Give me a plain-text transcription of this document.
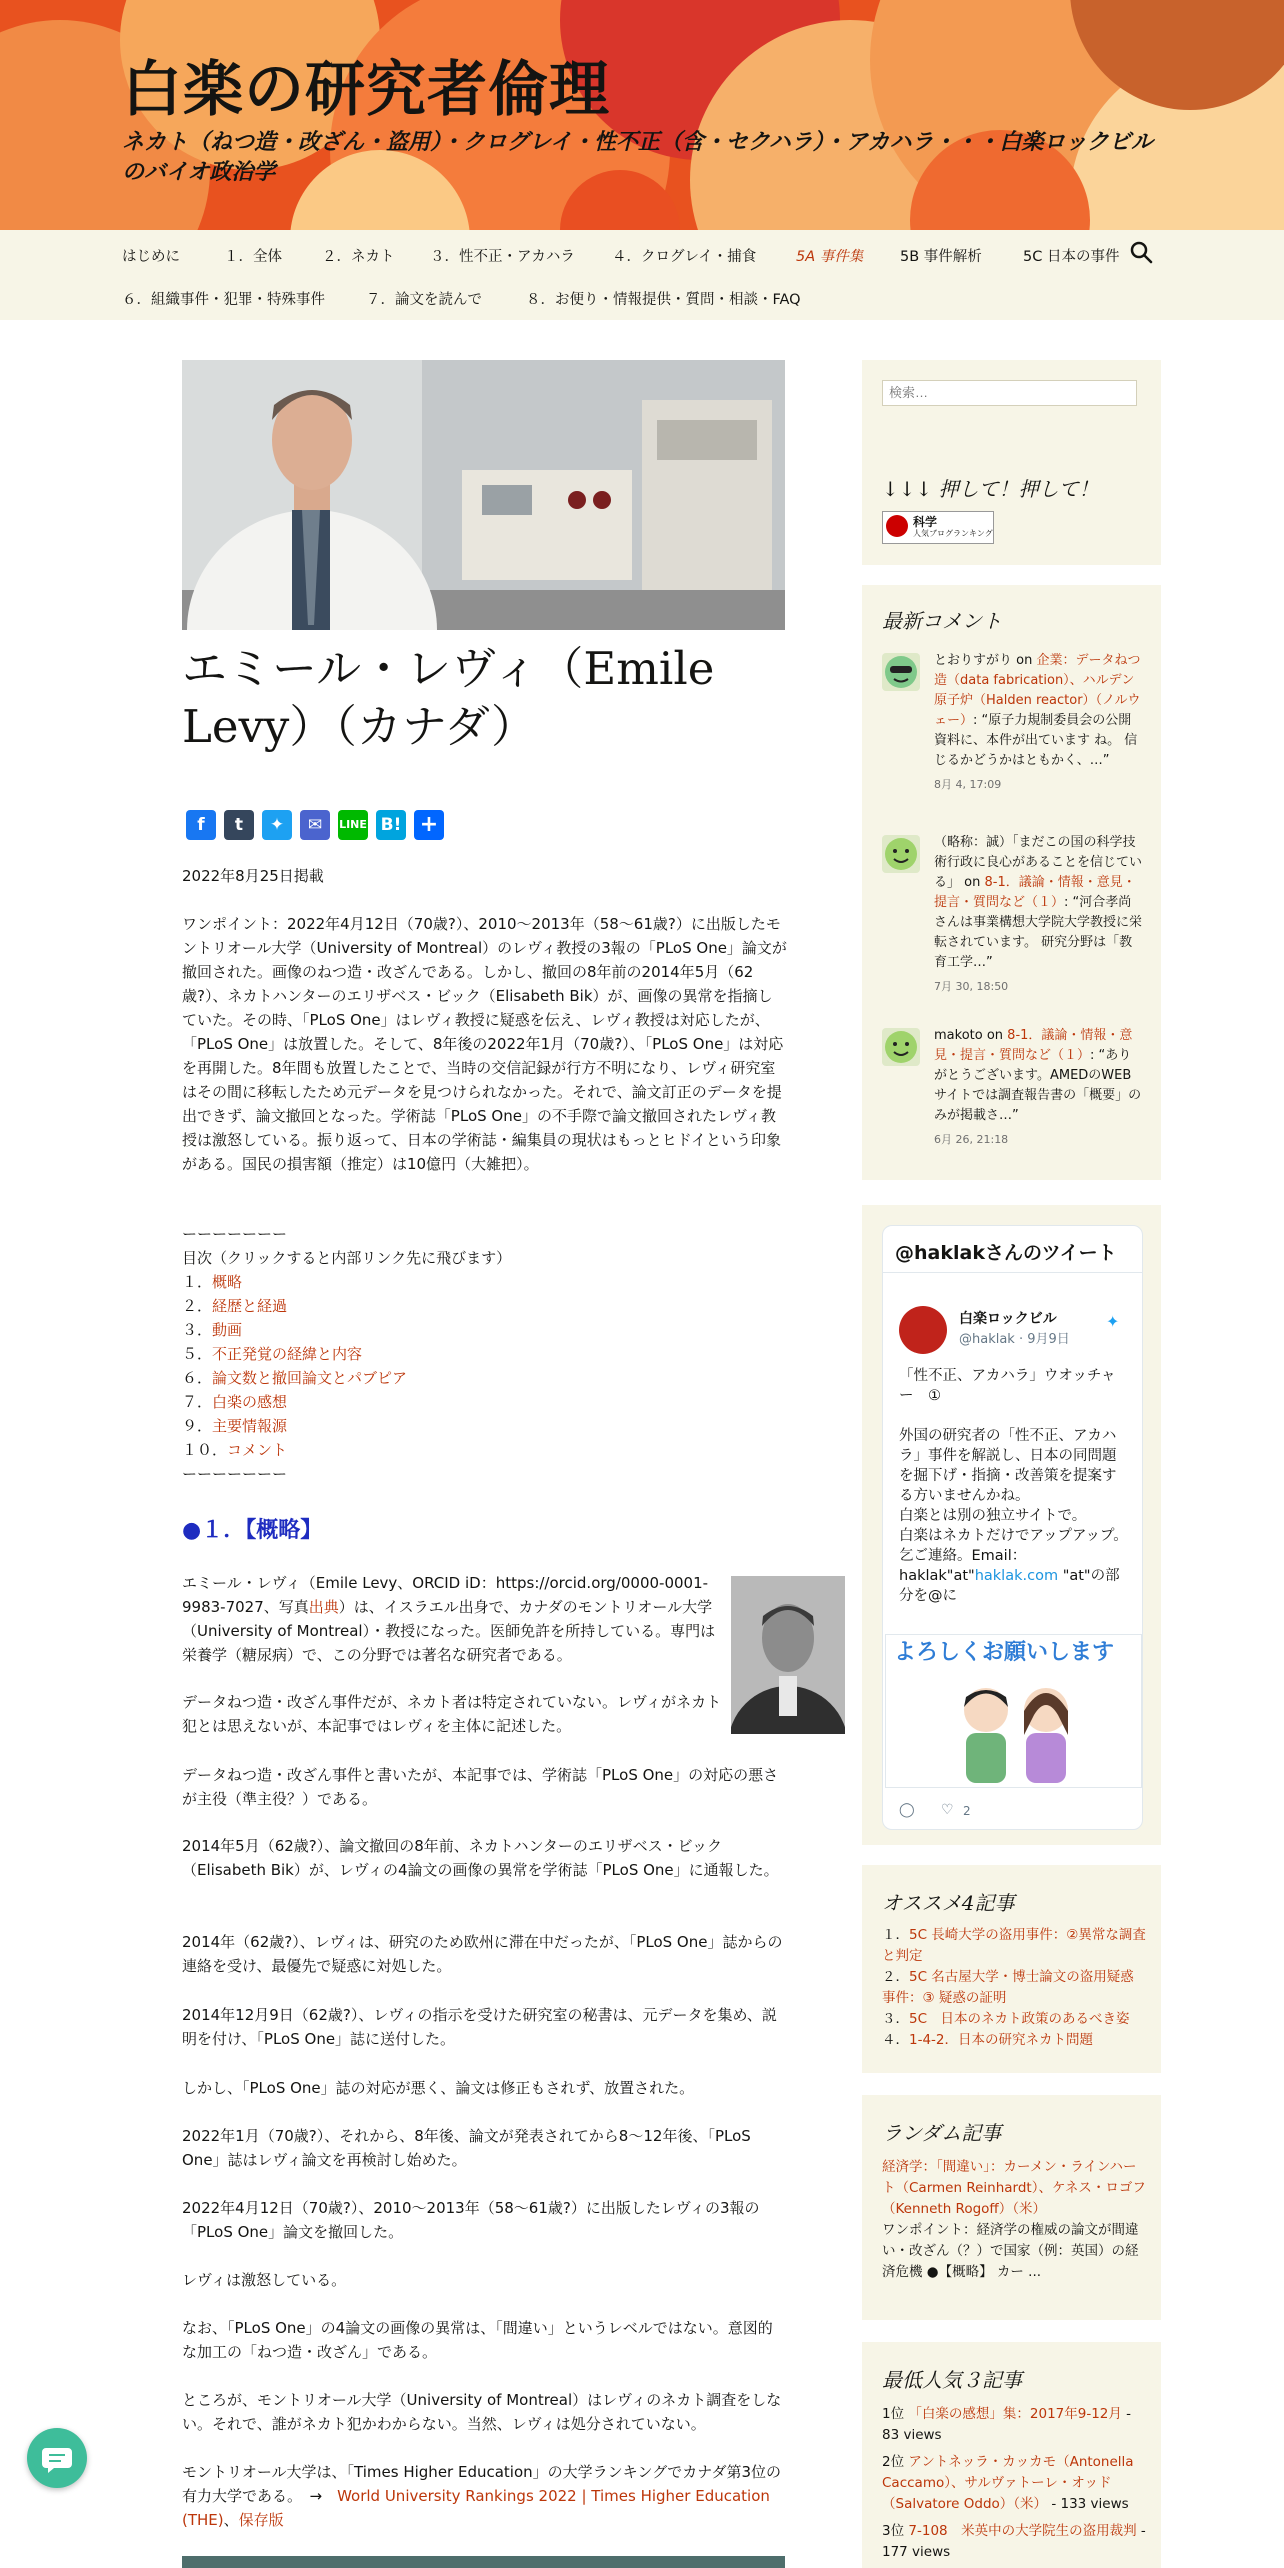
白楽の研究者倫理
ネカト（ねつ造・改ざん・盗用）・クログレイ・性不正（含・セクハラ）・アカハラ・・・白楽ロックビルのバイオ政治学
はじめに	１．全体	２．ネカト ３．性不正・アカハラ	４．クログレイ・捕食	5A 事件集	5B 事件解析	5C 日本の事件
６．組織事件・犯罪・特殊事件	７．論文を読んで	８．お便り・情報提供・質問・相談・FAQ
エミール・レヴィ（Emile Levy）（カナダ）
f t ✦ ✉ LINE B! +

2022年8月25日掲載

ワンポイント：2022年4月12日（70歳?）、2010～2013年（58～61歳?）に出版したモントリオール大学（University of Montreal）のレヴィ教授の3報の「PLoS One」論文が撤回された。画像のねつ造・改ざんである。しかし、撤回の8年前の2014年5月（62歳?）、ネカトハンターのエリザベス・ビック（Elisabeth Bik）が、画像の異常を指摘していた。その時、「PLoS One」はレヴィ教授に疑惑を伝え、レヴィ教授は対応したが、「PLoS One」は放置した。そして、8年後の2022年1月（70歳?）、「PLoS One」は対応を再開した。8年間も放置したことで、当時の交信記録が行方不明になり、レヴィ研究室はその間に移転したため元データを見つけられなかった。それで、論文訂正のデータを提出できず、論文撤回となった。学術誌「PLoS One」の不手際で論文撤回されたレヴィ教授は激怒している。振り返って、日本の学術誌・編集員の現状はもっとヒドイという印象がある。国民の損害額（推定）は10億円（大雑把）。

ーーーーーーー
目次（クリックすると内部リンク先に飛びます）
１．概略
２．経歴と経過
３．動画
５．不正発覚の経緯と内容
６．論文数と撤回論文とパブピア
７．白楽の感想
９．主要情報源
１０．コメント
ーーーーーーー
●１．【概略】

エミール・レヴィ（Emile Levy、ORCID iD：https://orcid.org/0000-0001-9983-7027、写真出典）は、イスラエル出身で、カナダのモントリオール大学（University of Montreal）・教授になった。医師免許を所持している。専門は栄養学（糖尿病）で、この分野では著名な研究者である。

データねつ造・改ざん事件だが、ネカト者は特定されていない。レヴィがネカト犯とは思えないが、本記事ではレヴィを主体に記述した。

データねつ造・改ざん事件と書いたが、本記事では、学術誌「PLoS One」の対応の悪さが主役（準主役？）である。

2014年5月（62歳?）、論文撤回の8年前、ネカトハンターのエリザベス・ビック（Elisabeth Bik）が、レヴィの4論文の画像の異常を学術誌「PLoS One」に通報した。

2014年（62歳?）、レヴィは、研究のため欧州に滞在中だったが、「PLoS One」誌からの連絡を受け、最優先で疑惑に対処した。

2014年12月9日（62歳?）、レヴィの指示を受けた研究室の秘書は、元データを集め、説明を付け、「PLoS One」誌に送付した。

しかし、「PLoS One」誌の対応が悪く、論文は修正もされず、放置された。

2022年1月（70歳?）、それから、8年後、論文が発表されてから8〜12年後、「PLoS One」誌はレヴィ論文を再検討し始めた。

2022年4月12日（70歳?）、2010～2013年（58～61歳?）に出版したレヴィの3報の「PLoS One」論文を撤回した。

レヴィは激怒している。

なお、「PLoS One」の4論文の画像の異常は、「間違い」というレベルではない。意図的な加工の「ねつ造・改ざん」である。

ところが、モントリオール大学（University of Montreal）はレヴィのネカト調査をしない。それで、誰がネカト犯かわからない。当然、レヴィは処分されていない。

モントリオール大学は、「Times Higher Education」の大学ランキングでカナダ第3位の有力大学である。　→　World University Rankings 2022 | Times Higher Education (THE)、保存版

検索…
↓↓↓ 押して！押して！
科学
人気ブログランキング
最新コメント
とおりすがり on 企業：データねつ造（data fabrication）、ハルデン原子炉（Halden reactor）（ノルウェー）: “原子力規制委員会の公開資料に、本件が出ています ね。 信じるかどうかはともかく、…”
8月 4, 17:09
（略称：誠）「まだこの国の科学技術行政に良心があることを信じている」 on 8-1．議論・情報・意見・提言・質問など（１）: “河合孝尚さんは事業構想大学院大学教授に栄転されています。 研究分野は「教育工学…”
7月 30, 18:50
makoto on 8-1．議論・情報・意見・提言・質問など（１）: “ありがとうございます。AMEDのWEBサイトでは調査報告書の「概要」のみが掲載さ…”
6月 26, 21:18
@haklakさんのツイート
白楽ロックビル
@haklak · 9月9日
✦
「性不正、アカハラ」ウオッチャー　①
外国の研究者の「性不正、アカハラ」事件を解説し、日本の同問題を掘下げ・指摘・改善策を提案する方いませんかね。
白楽とは別の独立サイトで。
白楽はネカトだけでアップアップ。
乞ご連絡。Email：haklak"at"haklak.com "at"の部分を@に
よろしくお願いします
◯ ♡ 2
オススメ4記事
１．5C 長崎大学の盗用事件：②異常な調査と判定
２．5C 名古屋大学・博士論文の盗用疑惑事件：③ 疑惑の証明
３．5C　日本のネカト政策のあるべき姿
４．1-4-2．日本の研究ネカト問題
ランダム記事
経済学：「間違い」：カーメン・ラインハート（Carmen Reinhardt）、ケネス・ロゴフ（Kenneth Rogoff）（米）
ワンポイント：経済学の権威の論文が間違い・改ざん（？）で国家（例：英国）の経済危機 ●【概略】 カー ...
最低人気３記事
1位 「白楽の感想」集：2017年9-12月 - 83 views
2位 アントネッラ・カッカモ（Antonella Caccamo）、サルヴァトーレ・オッド（Salvatore Oddo）（米） - 133 views
3位 7-108　米英中の大学院生の盗用裁判 - 177 views
